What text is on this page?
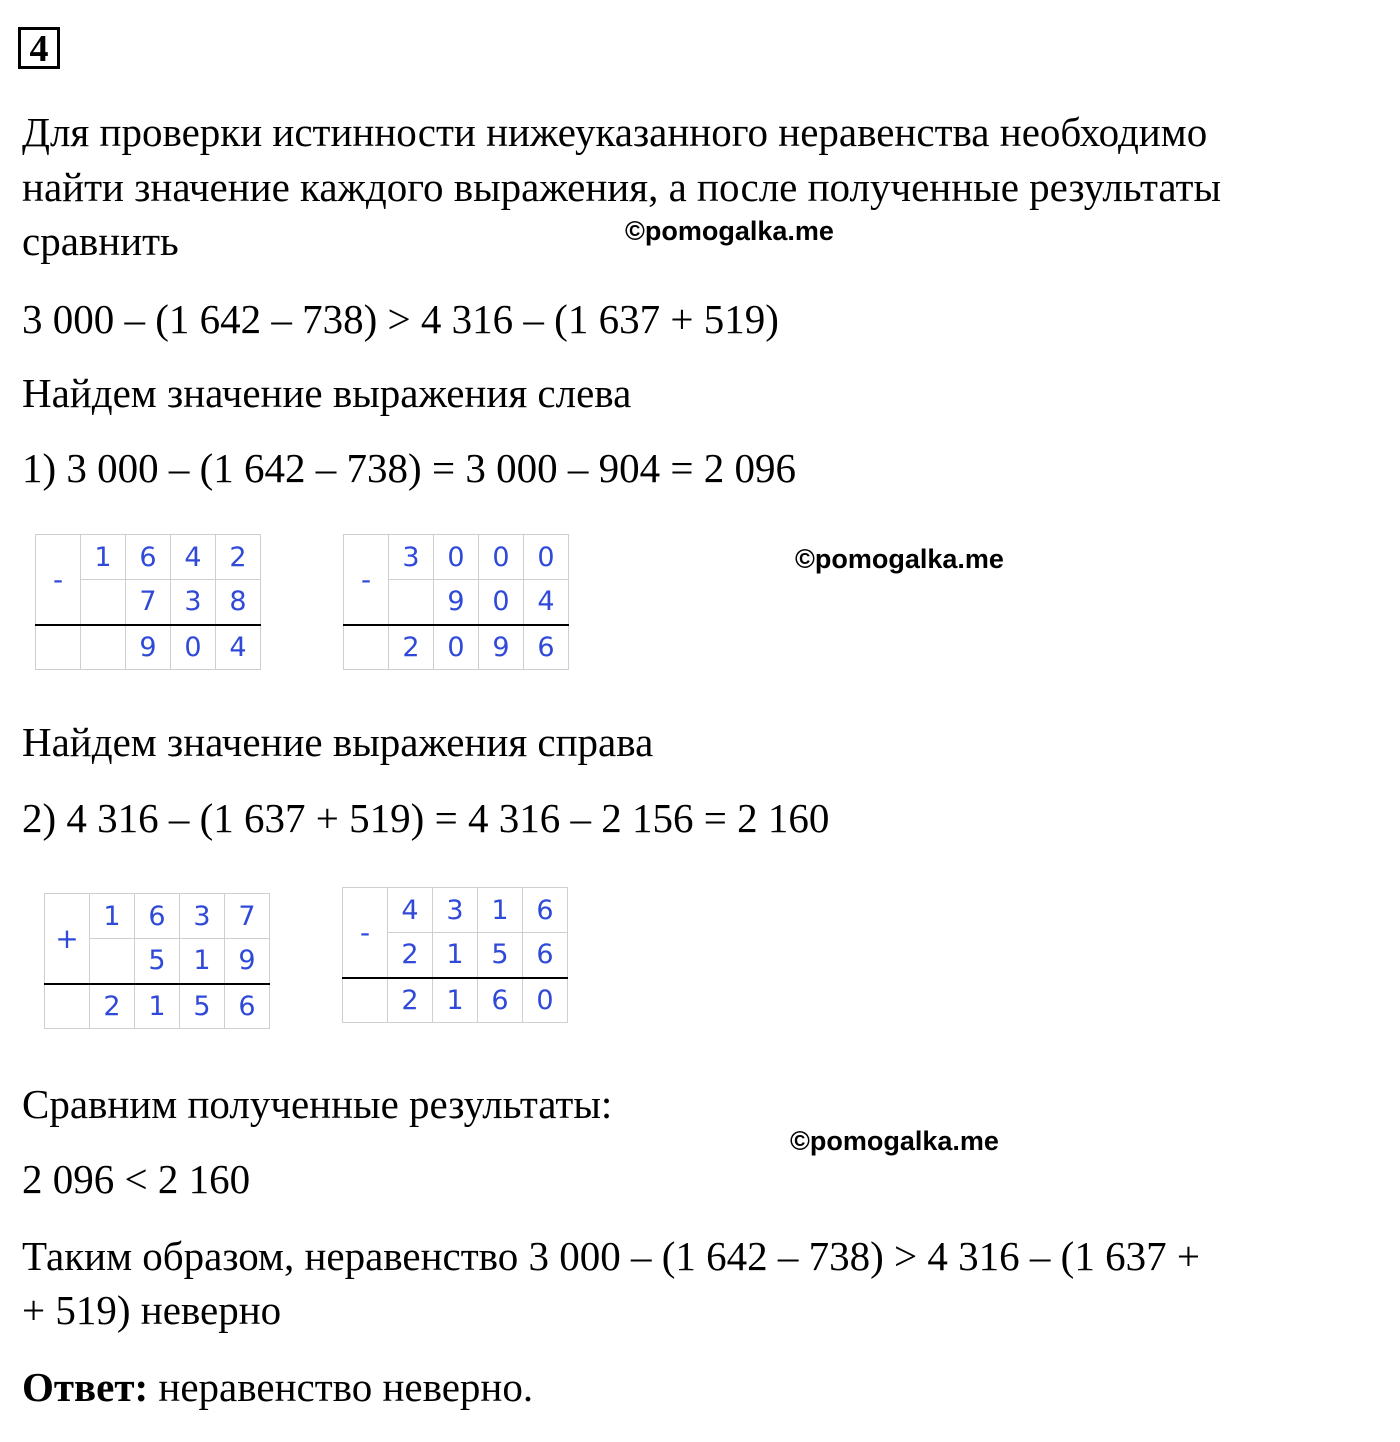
4
Для проверки истинности нижеуказанного неравенства необходимо
найти значение каждого выражения, а после полученные результаты
сравнить	©pomogalka.me
3 000 – (1 642 – 738) > 4 316 – (1 637 + 519)
Найдем значение выражения слева
1) 3 000 – (1 642 – 738) = 3 000 – 904 = 2 096
-	1	6	4	2
		7	3	8
		9	0	4
-	3	0	0	0
		9	0	4
	2	0	9	6
©pomogalka.me
Найдем значение выражения справа
2) 4 316 – (1 637 + 519) = 4 316 – 2 156 = 2 160
+	1	6	3	7
		5	1	9
	2	1	5	6
-	4	3	1	6
	2	1	5	6
	2	1	6	0
Сравним полученные результаты:
©pomogalka.me
2 096 < 2 160
Таким образом, неравенство 3 000 – (1 642 – 738) > 4 316 – (1 637 +
+ 519) неверно
Ответ: неравенство неверно.
